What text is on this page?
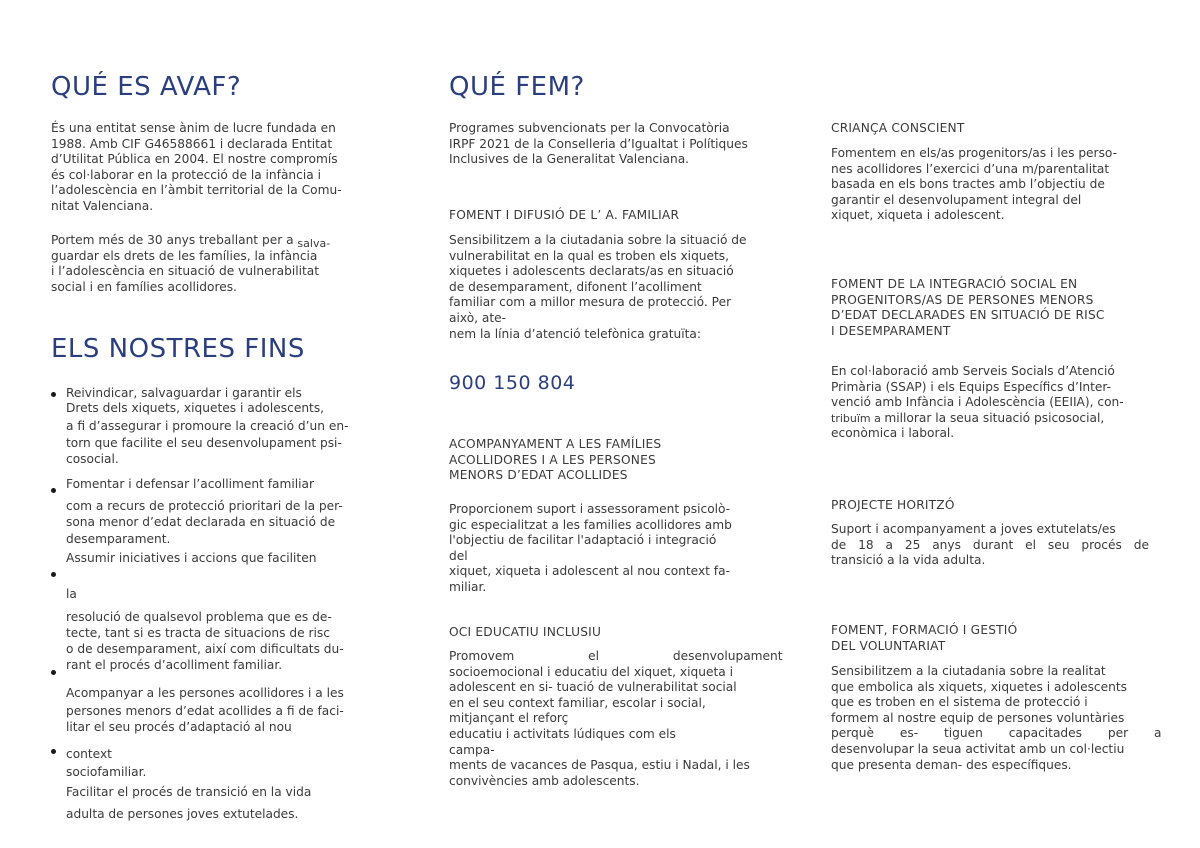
QUÉ ES AVAF?
És una entitat sense ànim de lucre fundada en
1988. Amb CIF G46588661 i declarada Entitat
d’Utilitat Pública en 2004. El nostre compromís
és col·laborar en la protecció de la infància i
l’adolescència en l’àmbit territorial de la Comu-
nitat Valenciana.
Portem més de 30 anys treballant per a salva-
guardar els drets de les famílies, la infància
i l’adolescència en situació de vulnerabilitat
social i en famílies acollidores.
ELS NOSTRES FINS
Reivindicar, salvaguardar i garantir els
Drets dels xiquets, xiquetes i adolescents,
a fi d’assegurar i promoure la creació d’un en-
torn que facilite el seu desenvolupament psi-
cosocial.
Fomentar i defensar l’acolliment familiar
com a recurs de protecció prioritari de la per-
sona menor d’edat declarada en situació de
desemparament.
Assumir iniciatives i accions que faciliten
la
resolució de qualsevol problema que es de-
tecte, tant si es tracta de situacions de risc
o de desemparament, així com dificultats du-
rant el procés d’acolliment familiar.
Acompanyar a les persones acollidores i a les
persones menors d’edat acollides a fi de faci-
litar el seu procés d’adaptació al nou
context
sociofamiliar.
Facilitar el procés de transició en la vida
adulta de persones joves extutelades.
QUÉ FEM?
Programes subvencionats per la Convocatòria
IRPF 2021 de la Conselleria d’Igualtat i Polítiques
Inclusives de la Generalitat Valenciana.
FOMENT I DIFUSIÓ DE L’ A. FAMILIAR
Sensibilitzem a la ciutadania sobre la situació de
vulnerabilitat en la qual es troben els xiquets,
xiquetes i adolescents declarats/as en situació
de desemparament, difonent l’acolliment
familiar com a millor mesura de protecció. Per
això, ate-
nem la línia d’atenció telefònica gratuïta:
900 150 804
ACOMPANYAMENT A LES FAMÍLIES
ACOLLIDORES I A LES PERSONES
MENORS D’EDAT ACOLLIDES
Proporcionem suport i assessorament psicolò-
gic especialitzat a les families acollidores amb
l'objectiu de facilitar l'adaptació i integració
del
xiquet, xiqueta i adolescent al nou context fa-
miliar.
OCI EDUCATIU INCLUSIU
Promovem el desenvolupament
socioemocional i educatiu del xiquet, xiqueta i
adolescent en si- tuació de vulnerabilitat social
en el seu context familiar, escolar i social,
mitjançant el reforç
educatiu i activitats lúdiques com els
campa-
ments de vacances de Pasqua, estiu i Nadal, i les
convivències amb adolescents.
CRIANÇA CONSCIENT
Fomentem en els/as progenitors/as i les perso-
nes acollidores l’exercici d’una m/parentalitat
basada en els bons tractes amb l’objectiu de
garantir el desenvolupament integral del
xiquet, xiqueta i adolescent.
FOMENT DE LA INTEGRACIÓ SOCIAL EN
PROGENITORS/AS DE PERSONES MENORS
D’EDAT DECLARADES EN SITUACIÓ DE RISC
I DESEMPARAMENT
En col·laboració amb Serveis Socials d’Atenció
Primària (SSAP) i els Equips Específics d’Inter-
venció amb Infància i Adolescència (EEIIA), con-
tribuïm a millorar la seua situació psicosocial,
econòmica i laboral.
PROJECTE HORITZÓ
Suport i acompanyament a joves extutelats/es
de 18 a 25 anys durant el seu procés de
transició a la vida adulta.
FOMENT, FORMACIÓ I GESTIÓ
DEL VOLUNTARIAT
Sensibilitzem a la ciutadania sobre la realitat
que embolica als xiquets, xiquetes i adolescents
que es troben en el sistema de protecció i
formem al nostre equip de persones voluntàries
perquè es- tiguen capacitades per a
desenvolupar la seua activitat amb un col·lectiu
que presenta deman- des específiques.
